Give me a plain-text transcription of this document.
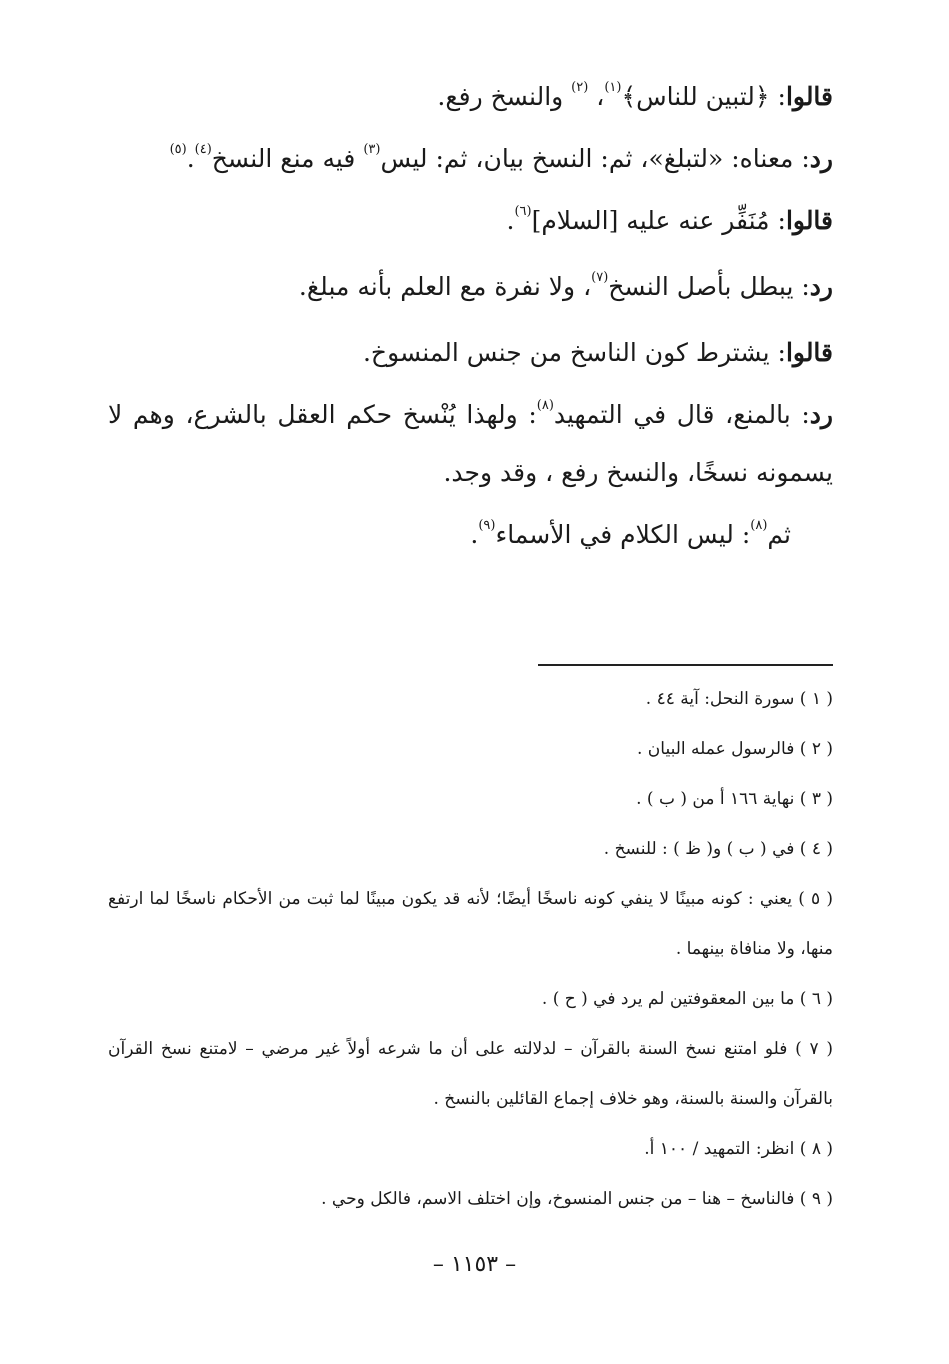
قالوا: ﴿لتبين للناس﴾$^{(١)}$، $^{(٢)}$ والنسخ رفع.

رد: معناه: «لتبلغ»، ثم: النسخ بيان، ثم: ليس$^{(٣)}$ فيه منع النسخ$^{(٤)}$.$^{(٥)}$

قالوا: مُنَفِّر عنه عليه [السلام]$^{(٦)}$.

رد: يبطل بأصل النسخ$^{(٧)}$، ولا نفرة مع العلم بأنه مبلغ.

قالوا: يشترط كون الناسخ من جنس المنسوخ.

رد: بالمنع، قال في التمهيد$^{(٨)}$: ولهذا يُنْسخ حكم العقل بالشرع، وهم لا يسمونه نسخًا، والنسخ رفع ، وقد وجد.

ثم$^{(٨)}$: ليس الكلام في الأسماء$^{(٩)}$.

( ١ ) سورة النحل: آية ٤٤ .

( ٢ ) فالرسول عمله البيان .

( ٣ ) نهاية ١٦٦ أ من ( ب ) .

( ٤ ) في ( ب ) و( ظ ) : للنسخ .

( ٥ ) يعني : كونه مبينًا لا ينفي كونه ناسخًا أيضًا؛ لأنه قد يكون مبينًا لما ثبت من الأحكام ناسخًا لما ارتفع منها، ولا منافاة بينهما .

( ٦ ) ما بين المعقوفتين لم يرد في ( ح ) .

( ٧ ) فلو امتنع نسخ السنة بالقرآن – لدلالته على أن ما شرعه أولاً غير مرضي – لامتنع نسخ القرآن بالقرآن والسنة بالسنة، وهو خلاف إجماع القائلين بالنسخ .

( ٨ ) انظر: التمهيد / ١٠٠ أ.

( ٩ ) فالناسخ – هنا – من جنس المنسوخ، وإن اختلف الاسم، فالكل وحي .

– ١١٥٣ –
